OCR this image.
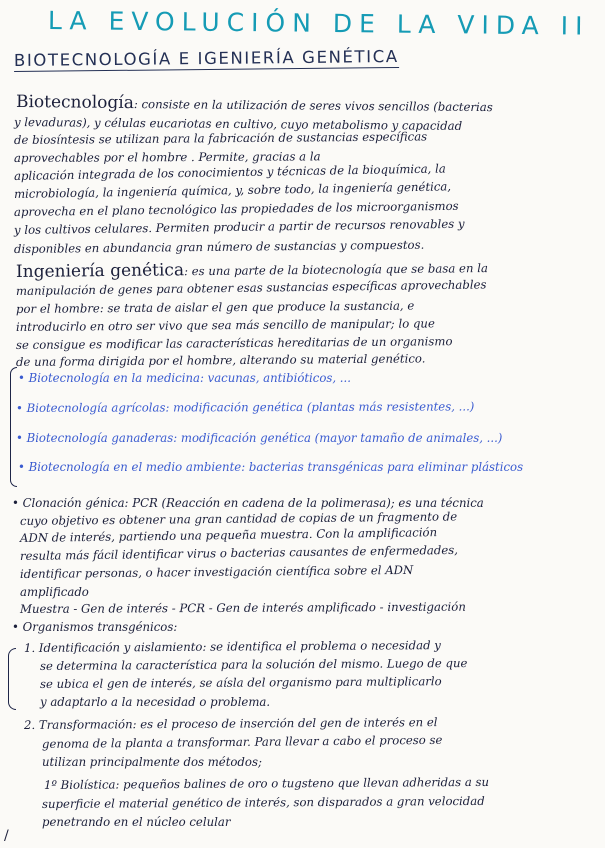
LA EVOLUCIÓN DE LA VIDA II
BIOTECNOLOGÍA E IGENIERÍA GENÉTICA
Biotecnología: consiste en la utilización de seres vivos sencillos (bacterias
y levaduras), y células eucariotas en cultivo, cuyo metabolismo y capacidad
de biosíntesis se utilizan para la fabricación de sustancias específicas
aprovechables por el hombre . Permite, gracias a la
aplicación integrada de los conocimientos y técnicas de la bioquímica, la
microbiología, la ingeniería química, y, sobre todo, la ingeniería genética,
aprovecha en el plano tecnológico las propiedades de los microorganismos
y los cultivos celulares. Permiten producir a partir de recursos renovables y
disponibles en abundancia gran número de sustancias y compuestos.
Ingeniería genética: es una parte de la biotecnología que se basa en la
manipulación de genes para obtener esas sustancias específicas aprovechables
por el hombre: se trata de aislar el gen que produce la sustancia, e
introducirlo en otro ser vivo que sea más sencillo de manipular; lo que
se consigue es modificar las características hereditarias de un organismo
de una forma dirigida por el hombre, alterando su material genético.
• Biotecnología en la medicina: vacunas, antibióticos, ...
• Biotecnología agrícolas: modificación genética (plantas más resistentes, ...)
• Biotecnología ganaderas: modificación genética (mayor tamaño de animales, ...)
• Biotecnología en el medio ambiente: bacterias transgénicas para eliminar plásticos
• Clonación génica: PCR (Reacción en cadena de la polimerasa); es una técnica
cuyo objetivo es obtener una gran cantidad de copias de un fragmento de
ADN de interés, partiendo una pequeña muestra. Con la amplificación
resulta más fácil identificar virus o bacterias causantes de enfermedades,
identificar personas, o hacer investigación científica sobre el ADN
amplificado
Muestra - Gen de interés - PCR - Gen de interés amplificado - investigación
• Organismos transgénicos:
1. Identificación y aislamiento: se identifica el problema o necesidad y
se determina la característica para la solución del mismo. Luego de que
se ubica el gen de interés, se aísla del organismo para multiplicarlo
y adaptarlo a la necesidad o problema.
2. Transformación: es el proceso de inserción del gen de interés en el
genoma de la planta a transformar. Para llevar a cabo el proceso se
utilizan principalmente dos métodos;
1º Biolística: pequeños balines de oro o tugsteno que llevan adheridas a su
superficie el material genético de interés, son disparados a gran velocidad
penetrando en el núcleo celular
/
